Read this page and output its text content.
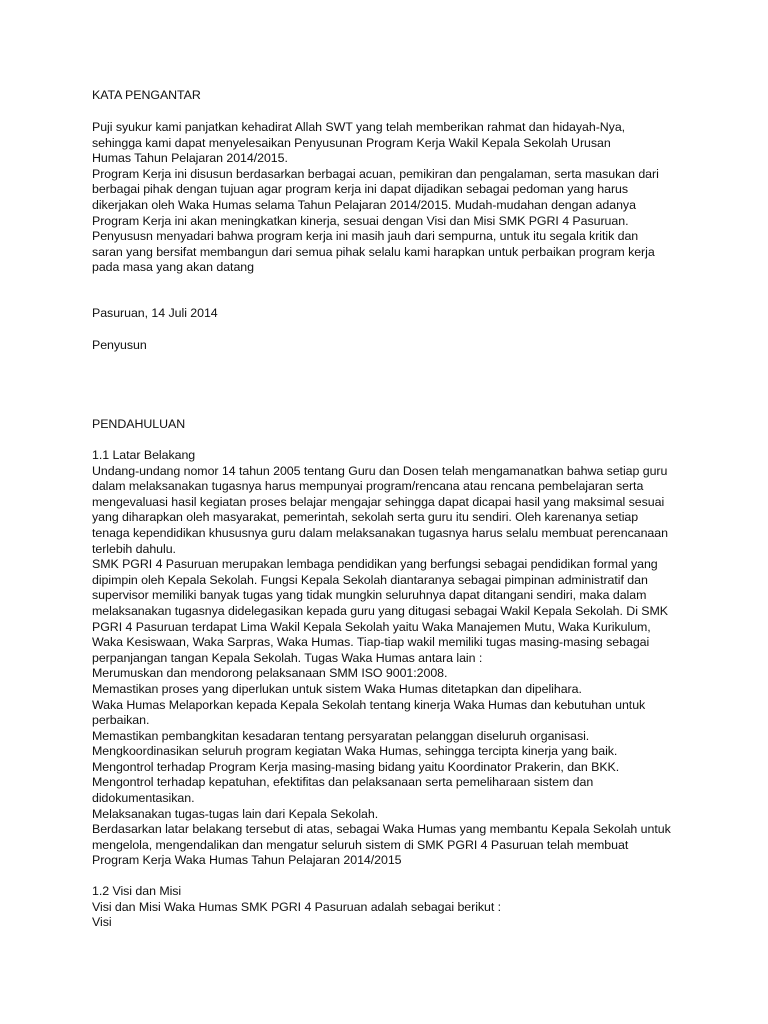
KATA PENGANTAR
Puji syukur kami panjatkan kehadirat Allah SWT yang telah memberikan rahmat dan hidayah-Nya,
sehingga kami dapat menyelesaikan Penyusunan Program Kerja Wakil Kepala Sekolah Urusan
Humas Tahun Pelajaran 2014/2015.
Program Kerja ini disusun berdasarkan berbagai acuan, pemikiran dan pengalaman, serta masukan dari
berbagai pihak dengan tujuan agar program kerja ini dapat dijadikan sebagai pedoman yang harus
dikerjakan oleh Waka Humas selama Tahun Pelajaran 2014/2015. Mudah-mudahan dengan adanya
Program Kerja ini akan meningkatkan kinerja, sesuai dengan Visi dan Misi SMK PGRI 4 Pasuruan.
Penyususn menyadari bahwa program kerja ini masih jauh dari sempurna, untuk itu segala kritik dan
saran yang bersifat membangun dari semua pihak selalu kami harapkan untuk perbaikan program kerja
pada masa yang akan datang
Pasuruan, 14 Juli 2014
Penyusun
PENDAHULUAN
1.1 Latar Belakang
Undang-undang nomor 14 tahun 2005 tentang Guru dan Dosen telah mengamanatkan bahwa setiap guru
dalam melaksanakan tugasnya harus mempunyai program/rencana atau rencana pembelajaran serta
mengevaluasi hasil kegiatan proses belajar mengajar sehingga dapat dicapai hasil yang maksimal sesuai
yang diharapkan oleh masyarakat, pemerintah, sekolah serta guru itu sendiri. Oleh karenanya setiap
tenaga kependidikan khususnya guru dalam melaksanakan tugasnya harus selalu membuat perencanaan
terlebih dahulu.
SMK PGRI 4 Pasuruan merupakan lembaga pendidikan yang berfungsi sebagai pendidikan formal yang
dipimpin oleh Kepala Sekolah. Fungsi Kepala Sekolah diantaranya sebagai pimpinan administratif dan
supervisor memiliki banyak tugas yang tidak mungkin seluruhnya dapat ditangani sendiri, maka dalam
melaksanakan tugasnya didelegasikan kepada guru yang ditugasi sebagai Wakil Kepala Sekolah. Di SMK
PGRI 4 Pasuruan terdapat Lima Wakil Kepala Sekolah yaitu Waka Manajemen Mutu, Waka Kurikulum,
Waka Kesiswaan, Waka Sarpras, Waka Humas. Tiap-tiap wakil memiliki tugas masing-masing sebagai
perpanjangan tangan Kepala Sekolah. Tugas Waka Humas antara lain :
Merumuskan dan mendorong pelaksanaan SMM ISO 9001:2008.
Memastikan proses yang diperlukan untuk sistem Waka Humas ditetapkan dan dipelihara.
Waka Humas Melaporkan kepada Kepala Sekolah tentang kinerja Waka Humas dan kebutuhan untuk
perbaikan.
Memastikan pembangkitan kesadaran tentang persyaratan pelanggan diseluruh organisasi.
Mengkoordinasikan seluruh program kegiatan Waka Humas, sehingga tercipta kinerja yang baik.
Mengontrol terhadap Program Kerja masing-masing bidang yaitu Koordinator Prakerin, dan BKK.
Mengontrol terhadap kepatuhan, efektifitas dan pelaksanaan serta pemeliharaan sistem dan
didokumentasikan.
Melaksanakan tugas-tugas lain dari Kepala Sekolah.
Berdasarkan latar belakang tersebut di atas, sebagai Waka Humas yang membantu Kepala Sekolah untuk
mengelola, mengendalikan dan mengatur seluruh sistem di SMK PGRI 4 Pasuruan telah membuat
Program Kerja Waka Humas Tahun Pelajaran 2014/2015
1.2 Visi dan Misi
Visi dan Misi Waka Humas SMK PGRI 4 Pasuruan adalah sebagai berikut :
Visi
